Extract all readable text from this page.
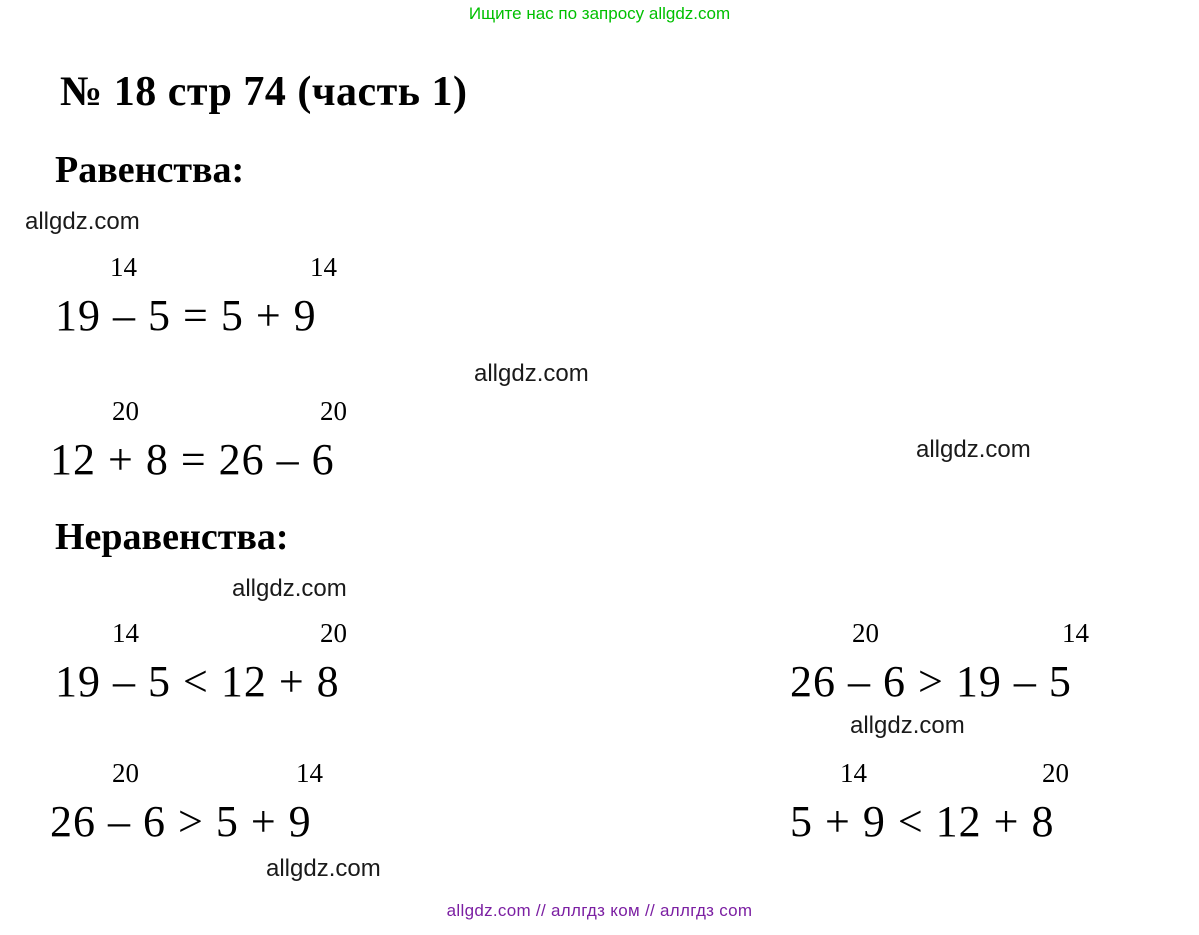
Ищите нас по запросу allgdz.com
№ 18 стр 74 (часть 1)
Равенства:
allgdz.com
14	14
19 – 5 = 5 + 9
allgdz.com
20	20
12 + 8 = 26 – 6	allgdz.com
Неравенства:
allgdz.com
14	20
19 – 5 < 12 + 8
20	14
26 – 6 > 19 – 5
allgdz.com
20	14
26 – 6 > 5 + 9
14	20
5 + 9 < 12 + 8
allgdz.com
allgdz.com // аллгдз ком // аллгдз com
